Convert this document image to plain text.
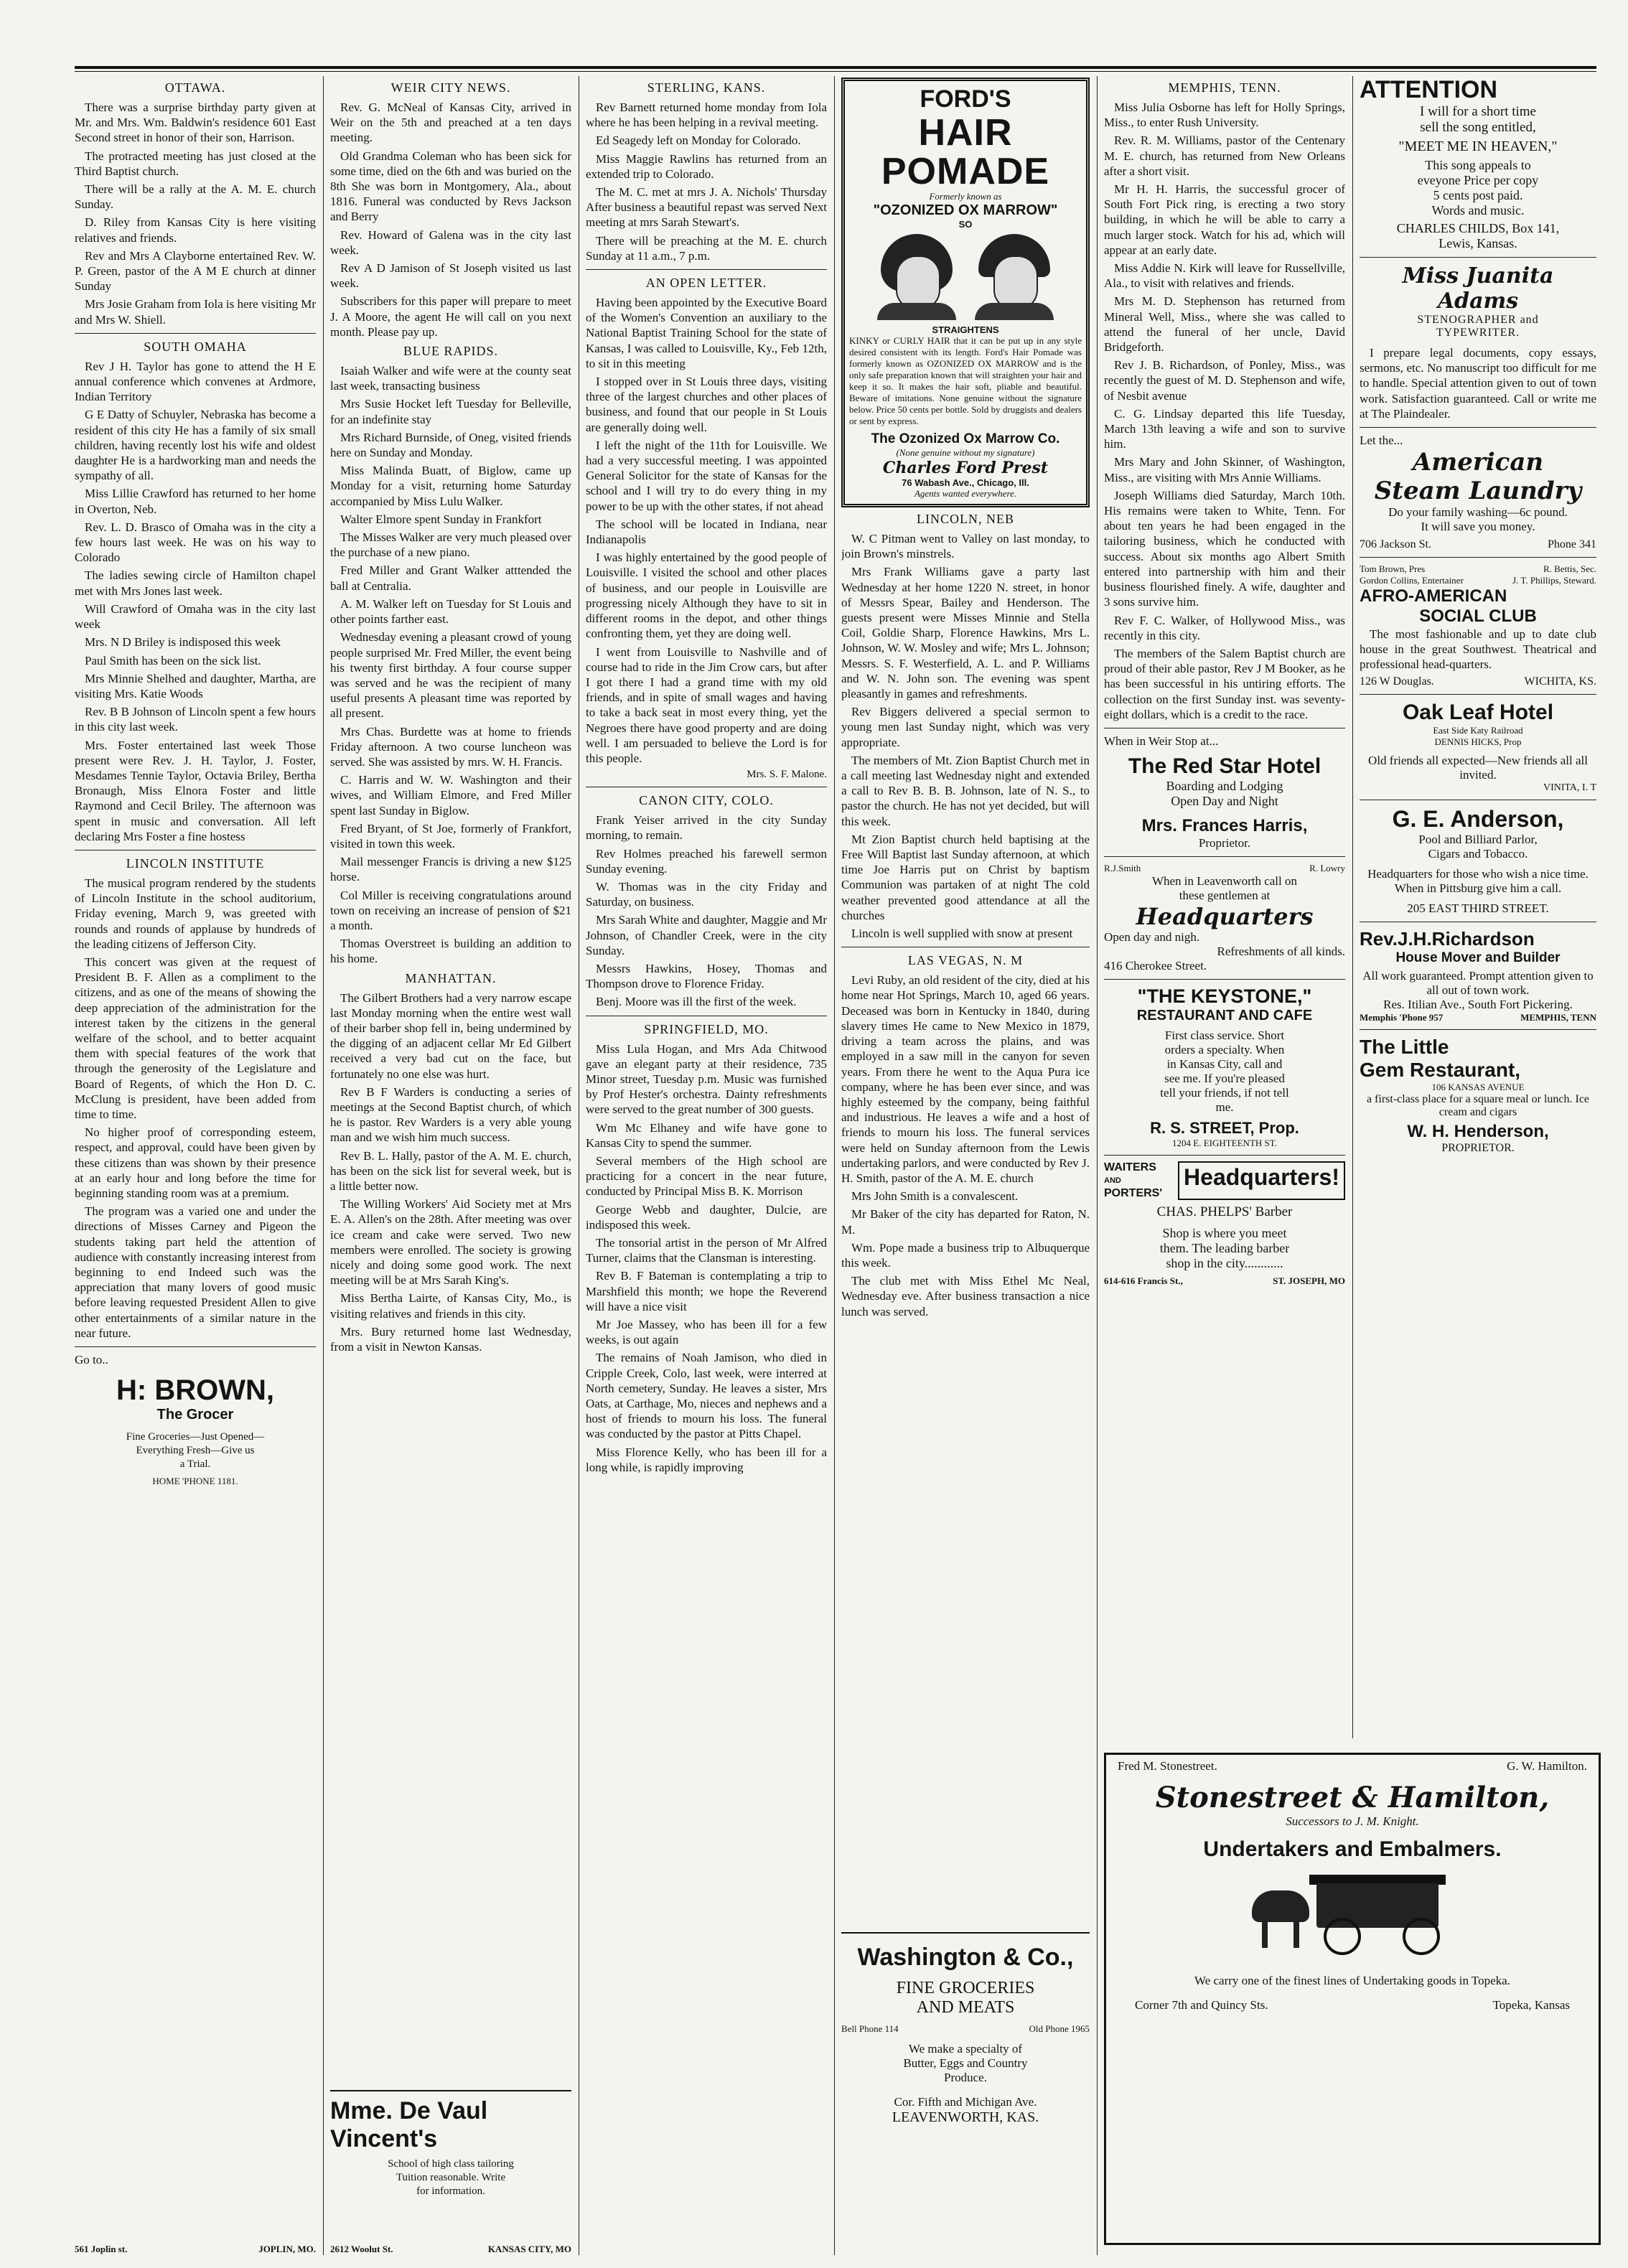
OTTAWA.

There was a surprise birthday party given at Mr. and Mrs. Wm. Baldwin's residence 601 East Second street in honor of their son, Harrison.

The protracted meeting has just closed at the Third Baptist church.

There will be a rally at the A. M. E. church Sunday.

D. Riley from Kansas City is here visiting relatives and friends.

Rev and Mrs A Clayborne entertained Rev. W. P. Green, pastor of the A M E church at dinner Sunday

Mrs Josie Graham from Iola is here visiting Mr and Mrs W. Shiell.

SOUTH OMAHA

Rev J H. Taylor has gone to attend the H E annual conference which convenes at Ardmore, Indian Territory

G E Datty of Schuyler, Nebraska has become a resident of this city He has a family of six small children, having recently lost his wife and oldest daughter He is a hardworking man and needs the sympathy of all.

Miss Lillie Crawford has returned to her home in Overton, Neb.

Rev. L. D. Brasco of Omaha was in the city a few hours last week. He was on his way to Colorado

The ladies sewing circle of Hamilton chapel met with Mrs Jones last week.

Will Crawford of Omaha was in the city last week

Mrs. N D Briley is indisposed this week

Paul Smith has been on the sick list.

Mrs Minnie Shelhed and daughter, Martha, are visiting Mrs. Katie Woods

Rev. B B Johnson of Lincoln spent a few hours in this city last week.

Mrs. Foster entertained last week Those present were Rev. J. H. Taylor, J. Foster, Mesdames Tennie Taylor, Octavia Briley, Bertha Bronaugh, Miss Elnora Foster and little Raymond and Cecil Briley. The afternoon was spent in music and conversation. All left declaring Mrs Foster a fine hostess

LINCOLN INSTITUTE

The musical program rendered by the students of Lincoln Institute in the school auditorium, Friday evening, March 9, was greeted with rounds and rounds of applause by hundreds of the leading citizens of Jefferson City.

This concert was given at the request of President B. F. Allen as a compliment to the citizens, and as one of the means of showing the deep appreciation of the administration for the interest taken by the citizens in the general welfare of the school, and to better acquaint them with special features of the work that through the generosity of the Legislature and Board of Regents, of which the Hon D. C. McClung is president, have been added from time to time.

No higher proof of corresponding esteem, respect, and approval, could have been given by these citizens than was shown by their presence at an early hour and long before the time for beginning standing room was at a premium.

The program was a varied one and under the directions of Misses Carney and Pigeon the students taking part held the attention of audience with constantly increasing interest from beginning to end Indeed such was the appreciation that many lovers of good music before leaving requested President Allen to give other entertainments of a similar nature in the near future.

Go to..
H: BROWN,
The Grocer
Fine Groceries—Just Opened—
Everything Fresh—Give us
a Trial.
HOME 'PHONE 1181.
561 Joplin st.	JOPLIN, MO.
WEIR CITY NEWS.

Rev. G. McNeal of Kansas City, arrived in Weir on the 5th and preached at a ten days meeting.

Old Grandma Coleman who has been sick for some time, died on the 6th and was buried on the 8th She was born in Montgomery, Ala., about 1816. Funeral was conducted by Revs Jackson and Berry

Rev. Howard of Galena was in the city last week.

Rev A D Jamison of St Joseph visited us last week.

Subscribers for this paper will prepare to meet J. A Moore, the agent He will call on you next month. Please pay up.

BLUE RAPIDS.

Isaiah Walker and wife were at the county seat last week, transacting business

Mrs Susie Hocket left Tuesday for Belleville, for an indefinite stay

Mrs Richard Burnside, of Oneg, visited friends here on Sunday and Monday.

Miss Malinda Buatt, of Biglow, came up Monday for a visit, returning home Saturday accompanied by Miss Lulu Walker.

Walter Elmore spent Sunday in Frankfort

The Misses Walker are very much pleased over the purchase of a new piano.

Fred Miller and Grant Walker atttended the ball at Centralia.

A. M. Walker left on Tuesday for St Louis and other points farther east.

Wednesday evening a pleasant crowd of young people surprised Mr. Fred Miller, the event being his twenty first birthday. A four course supper was served and he was the recipient of many useful presents A pleasant time was reported by all present.

Mrs Chas. Burdette was at home to friends Friday afternoon. A two course luncheon was served. She was assisted by mrs. W. H. Francis.

C. Harris and W. W. Washington and their wives, and William Elmore, and Fred Miller spent last Sunday in Biglow.

Fred Bryant, of St Joe, formerly of Frankfort, visited in town this week.

Mail messenger Francis is driving a new $125 horse.

Col Miller is receiving congratulations around town on receiving an increase of pension of $21 a month.

Thomas Overstreet is building an addition to his home.

MANHATTAN.

The Gilbert Brothers had a very narrow escape last Monday morning when the entire west wall of their barber shop fell in, being undermined by the digging of an adjacent cellar Mr Ed Gilbert received a very bad cut on the face, but fortunately no one else was hurt.

Rev B F Warders is conducting a series of meetings at the Second Baptist church, of which he is pastor. Rev Warders is a very able young man and we wish him much success.

Rev B. L. Hally, pastor of the A. M. E. church, has been on the sick list for several week, but is a little better now.

The Willing Workers' Aid Society met at Mrs E. A. Allen's on the 28th. After meeting was over ice cream and cake were served. Two new members were enrolled. The society is growing nicely and doing some good work. The next meeting will be at Mrs Sarah King's.

Miss Bertha Lairte, of Kansas City, Mo., is visiting relatives and friends in this city.

Mrs. Bury returned home last Wednesday, from a visit in Newton Kansas.

Mme. De Vaul
Vincent's
School of high class tailoring
Tuition reasonable. Write
for information.
2612 Woolut St.	KANSAS CITY, MO
STERLING, KANS.

Rev Barnett returned home monday from Iola where he has been helping in a revival meeting.

Ed Seagedy left on Monday for Colorado.

Miss Maggie Rawlins has returned from an extended trip to Colorado.

The M. C. met at mrs J. A. Nichols' Thursday After business a beautiful repast was served Next meeting at mrs Sarah Stewart's.

There will be preaching at the M. E. church Sunday at 11 a.m., 7 p.m.

AN OPEN LETTER.

Having been appointed by the Executive Board of the Women's Convention an auxiliary to the National Baptist Training School for the state of Kansas, I was called to Louisville, Ky., Feb 12th, to sit in this meeting

I stopped over in St Louis three days, visiting three of the largest churches and other places of business, and found that our people in St Louis are generally doing well.

I left the night of the 11th for Louisville. We had a very successful meeting. I was appointed General Solicitor for the state of Kansas for the school and I will try to do every thing in my power to be up with the other states, if not ahead

The school will be located in Indiana, near Indianapolis

I was highly entertained by the good people of Louisville. I visited the school and other places of business, and our people in Louisville are progressing nicely Although they have to sit in different rooms in the depot, and other things confronting them, yet they are doing well.

I went from Louisville to Nashville and of course had to ride in the Jim Crow cars, but after I got there I had a grand time with my old friends, and in spite of small wages and having to take a back seat in most every thing, yet the Negroes there have good property and are doing well. I am persuaded to believe the Lord is for this people.

Mrs. S. F. Malone.
CANON CITY, COLO.

Frank Yeiser arrived in the city Sunday morning, to remain.

Rev Holmes preached his farewell sermon Sunday evening.

W. Thomas was in the city Friday and Saturday, on business.

Mrs Sarah White and daughter, Maggie and Mr Johnson, of Chandler Creek, were in the city Sunday.

Messrs Hawkins, Hosey, Thomas and Thompson drove to Florence Friday.

Benj. Moore was ill the first of the week.

SPRINGFIELD, MO.

Miss Lula Hogan, and Mrs Ada Chitwood gave an elegant party at their residence, 735 Minor street, Tuesday p.m. Music was furnished by Prof Hester's orchestra. Dainty refreshments were served to the great number of 300 guests.

Wm Mc Elhaney and wife have gone to Kansas City to spend the summer.

Several members of the High school are practicing for a concert in the near future, conducted by Principal Miss B. K. Morrison

George Webb and daughter, Dulcie, are indisposed this week.

The tonsorial artist in the person of Mr Alfred Turner, claims that the Clansman is interesting.

Rev B. F Bateman is contemplating a trip to Marshfield this month; we hope the Reverend will have a nice visit

Mr Joe Massey, who has been ill for a few weeks, is out again

The remains of Noah Jamison, who died in Cripple Creek, Colo, last week, were interred at North cemetery, Sunday. He leaves a sister, Mrs Oats, at Carthage, Mo, nieces and nephews and a host of friends to mourn his loss. The funeral was conducted by the pastor at Pitts Chapel.

Miss Florence Kelly, who has been ill for a long while, is rapidly improving

FORD'S
HAIR POMADE
Formerly known as
"OZONIZED OX MARROW"
SO
STRAIGHTENS
KINKY or CURLY HAIR that it can be put up in any style desired consistent with its length. Ford's Hair Pomade was formerly known as OZONIZED OX MARROW and is the only safe preparation known that will straighten your hair and keep it so. It makes the hair soft, pliable and beautiful. Beware of imitations. None genuine without the signature below. Price 50 cents per bottle. Sold by druggists and dealers or sent by express.
The Ozonized Ox Marrow Co.
(None genuine without my signature)
Charles Ford Prest
76 Wabash Ave., Chicago, Ill.
Agents wanted everywhere.
LINCOLN, NEB

W. C Pitman went to Valley on last monday, to join Brown's minstrels.

Mrs Frank Williams gave a party last Wednesday at her home 1220 N. street, in honor of Messrs Spear, Bailey and Henderson. The guests present were Misses Minnie and Stella Coil, Goldie Sharp, Florence Hawkins, Mrs L. Johnson, W. W. Mosley and wife; Mrs L. Johnson; Messrs. S. F. Westerfield, A. L. and P. Williams and W. N. John son. The evening was spent pleasantly in games and refreshments.

Rev Biggers delivered a special sermon to young men last Sunday night, which was very appropriate.

The members of Mt. Zion Baptist Church met in a call meeting last Wednesday night and extended a call to Rev B. B. B. Johnson, late of N. S., to pastor the church. He has not yet decided, but will this week.

Mt Zion Baptist church held baptising at the Free Will Baptist last Sunday afternoon, at which time Joe Harris put on Christ by baptism Communion was partaken of at night The cold weather prevented good attendance at all the churches

Lincoln is well supplied with snow at present

LAS VEGAS, N. M

Levi Ruby, an old resident of the city, died at his home near Hot Springs, March 10, aged 66 years. Deceased was born in Kentucky in 1840, during slavery times He came to New Mexico in 1879, driving a team across the plains, and was employed in a saw mill in the canyon for seven years. From there he went to the Aqua Pura ice company, where he has been ever since, and was highly esteemed by the company, being faithful and industrious. He leaves a wife and a host of friends to mourn his loss. The funeral services were held on Sunday afternoon from the Lewis undertaking parlors, and were conducted by Rev J. H. Smith, pastor of the A. M. E. church

Mrs John Smith is a convalescent.

Mr Baker of the city has departed for Raton, N. M.

Wm. Pope made a business trip to Albuquerque this week.

The club met with Miss Ethel Mc Neal, Wednesday eve. After business transaction a nice lunch was served.

Washington & Co.,
FINE GROCERIES
AND MEATS
Bell Phone 114	Old Phone 1965
We make a specialty of
Butter, Eggs and Country
Produce.
Cor. Fifth and Michigan Ave.
LEAVENWORTH, KAS.
MEMPHIS, TENN.

Miss Julia Osborne has left for Holly Springs, Miss., to enter Rush University.

Rev. R. M. Williams, pastor of the Centenary M. E. church, has returned from New Orleans after a short visit.

Mr H. H. Harris, the successful grocer of South Fort Pick ring, is erecting a two story building, in which he will be able to carry a much larger stock. Watch for his ad, which will appear at an early date.

Miss Addie N. Kirk will leave for Russellville, Ala., to visit with relatives and friends.

Mrs M. D. Stephenson has returned from Mineral Well, Miss., where she was called to attend the funeral of her uncle, David Bridgeforth.

Rev J. B. Richardson, of Ponley, Miss., was recently the guest of M. D. Stephenson and wife, of Nesbit avenue

C. G. Lindsay departed this life Tuesday, March 13th leaving a wife and son to survive him.

Mrs Mary and John Skinner, of Washington, Miss., are visiting with Mrs Annie Williams.

Joseph Williams died Saturday, March 10th. His remains were taken to White, Tenn. For about ten years he had been engaged in the tailoring business, which he conducted with success. About six months ago Albert Smith entered into partnership with him and their business flourished finely. A wife, daughter and 3 sons survive him.

Rev F. C. Walker, of Hollywood Miss., was recently in this city.

The members of the Salem Baptist church are proud of their able pastor, Rev J M Booker, as he has been successful in his untiring efforts. The collection on the first Sunday inst. was seventy-eight dollars, which is a credit to the race.

When in Weir Stop at...
The Red Star Hotel
Boarding and Lodging
Open Day and Night
Mrs. Frances Harris,
Proprietor.
R.J.Smith	R. Lowry
When in Leavenworth call on
these gentlemen at
Headquarters
Open day and nigh.
Refreshments of all kinds.
416 Cherokee Street.
"THE KEYSTONE,"
RESTAURANT AND CAFE
First class service. Short
orders a specialty. When
in Kansas City, call and
see me. If you're pleased
tell your friends, if not tell
me.
R. S. STREET, Prop.
1204 E. EIGHTEENTH ST.
WAITERS
AND
PORTERS'
Headquarters!
CHAS. PHELPS' Barber
Shop is where you meet
them. The leading barber
shop in the city............
614-616 Francis St.,	ST. JOSEPH, MO
ATTENTION
I will for a short time
sell the song entitled,
"MEET ME IN HEAVEN,"
This song appeals to
eveyone Price per copy
5 cents post paid.
Words and music.
CHARLES CHILDS, Box 141,
Lewis, Kansas.
Miss Juanita Adams
STENOGRAPHER and
TYPEWRITER.

I prepare legal documents, copy essays, sermons, etc. No manuscript too difficult for me to handle. Special attention given to out of town work. Satisfaction guaranteed. Call or write me at The Plaindealer.

Let the...
American
Steam Laundry
Do your family washing—6c pound.
It will save you money.
706 Jackson St.	Phone 341
Tom Brown, Pres
Gordon Collins, Entertainer
R. Bettis, Sec.
J. T. Phillips, Steward.
AFRO-AMERICAN
SOCIAL CLUB

The most fashionable and up to date club house in the great Southwest. Theatrical and professional head-quarters.

126 W Douglas.	WICHITA, KS.
Oak Leaf Hotel
East Side Katy Railroad
DENNIS HICKS, Prop
Old friends all expected—New friends all all invited.
VINITA, I. T
G. E. Anderson,
Pool and Billiard Parlor,
Cigars and Tobacco.
Headquarters for those who wish a nice time. When in Pittsburg give him a call.
205 EAST THIRD STREET.
Rev.J.H.Richardson
House Mover and Builder
All work guaranteed. Prompt attention given to all out of town work.
Res. Itilian Ave., South Fort Pickering.
Memphis 'Phone 957	MEMPHIS, TENN
The Little
Gem Restaurant,
106 KANSAS AVENUE
a first-class place for a square meal or lunch. Ice cream and cigars
W. H. Henderson,
PROPRIETOR.
Fred M. Stonestreet.	G. W. Hamilton.
Stonestreet & Hamilton,
Successors to J. M. Knight.
Undertakers and Embalmers.
We carry one of the finest lines of Undertaking goods in Topeka.
Corner 7th and Quincy Sts.	Topeka, Kansas
